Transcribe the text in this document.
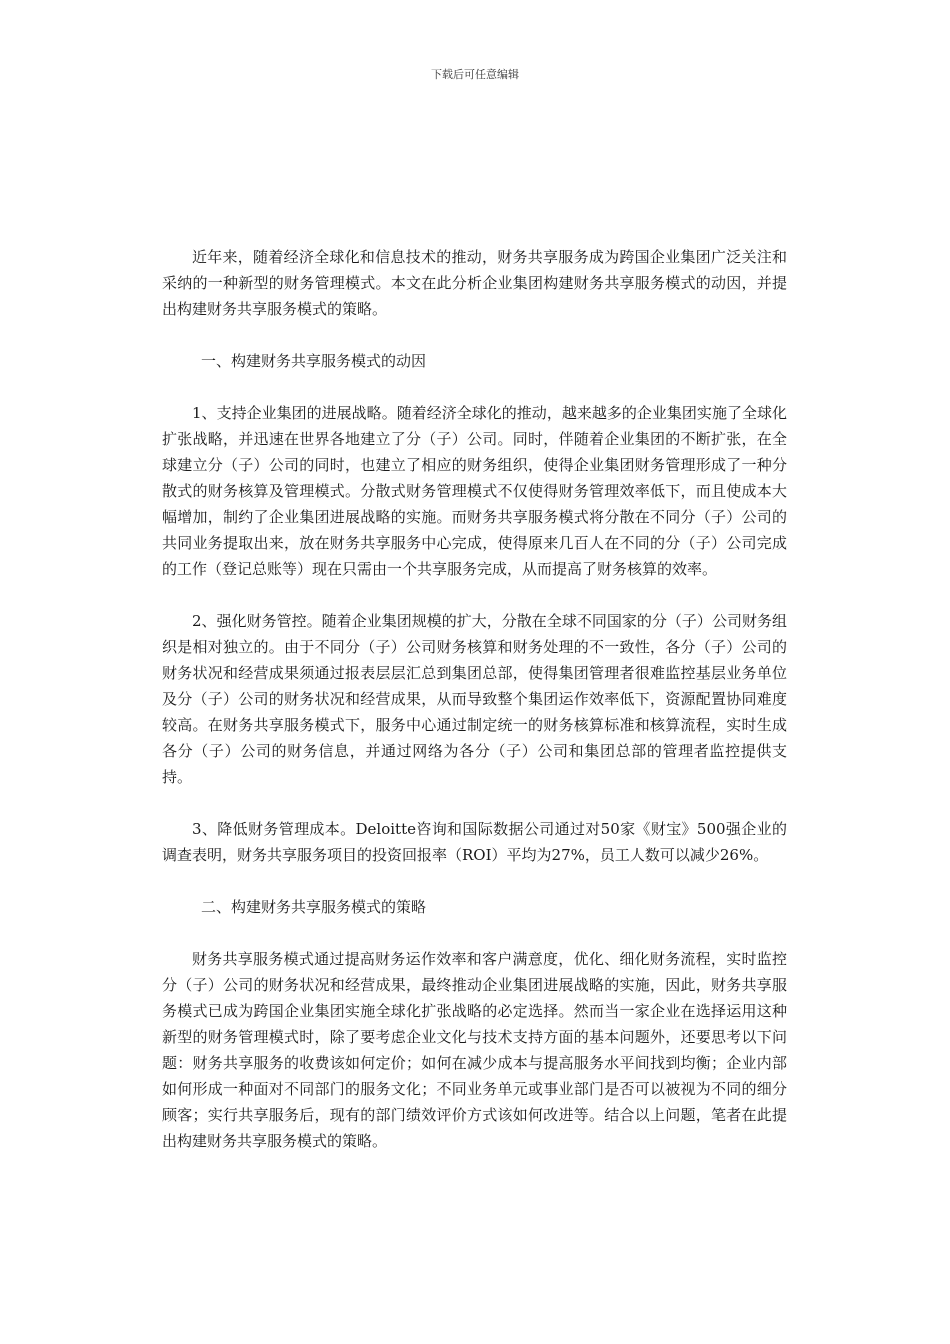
下载后可任意编辑

近年来，随着经济全球化和信息技术的推动，财务共享服务成为跨国企业集团广泛关注和采纳的一种新型的财务管理模式。本文在此分析企业集团构建财务共享服务模式的动因，并提出构建财务共享服务模式的策略。

一、构建财务共享服务模式的动因

1、支持企业集团的进展战略。随着经济全球化的推动，越来越多的企业集团实施了全球化扩张战略，并迅速在世界各地建立了分（子）公司。同时，伴随着企业集团的不断扩张，在全球建立分（子）公司的同时，也建立了相应的财务组织，使得企业集团财务管理形成了一种分散式的财务核算及管理模式。分散式财务管理模式不仅使得财务管理效率低下，而且使成本大幅增加，制约了企业集团进展战略的实施。而财务共享服务模式将分散在不同分（子）公司的共同业务提取出来，放在财务共享服务中心完成，使得原来几百人在不同的分（子）公司完成的工作（登记总账等）现在只需由一个共享服务完成，从而提高了财务核算的效率。

2、强化财务管控。随着企业集团规模的扩大，分散在全球不同国家的分（子）公司财务组织是相对独立的。由于不同分（子）公司财务核算和财务处理的不一致性，各分（子）公司的财务状况和经营成果须通过报表层层汇总到集团总部，使得集团管理者很难监控基层业务单位及分（子）公司的财务状况和经营成果，从而导致整个集团运作效率低下，资源配置协同难度较高。在财务共享服务模式下，服务中心通过制定统一的财务核算标准和核算流程，实时生成各分（子）公司的财务信息，并通过网络为各分（子）公司和集团总部的管理者监控提供支持。

3、降低财务管理成本。Deloitte咨询和国际数据公司通过对50家《财宝》500强企业的调查表明，财务共享服务项目的投资回报率（ROI）平均为27%，员工人数可以减少26%。

二、构建财务共享服务模式的策略

财务共享服务模式通过提高财务运作效率和客户满意度，优化、细化财务流程，实时监控分（子）公司的财务状况和经营成果，最终推动企业集团进展战略的实施，因此，财务共享服务模式已成为跨国企业集团实施全球化扩张战略的必定选择。然而当一家企业在选择运用这种新型的财务管理模式时，除了要考虑企业文化与技术支持方面的基本问题外，还要思考以下问题：财务共享服务的收费该如何定价；如何在减少成本与提高服务水平间找到均衡；企业内部如何形成一种面对不同部门的服务文化；不同业务单元或事业部门是否可以被视为不同的细分顾客；实行共享服务后，现有的部门绩效评价方式该如何改进等。结合以上问题，笔者在此提出构建财务共享服务模式的策略。
